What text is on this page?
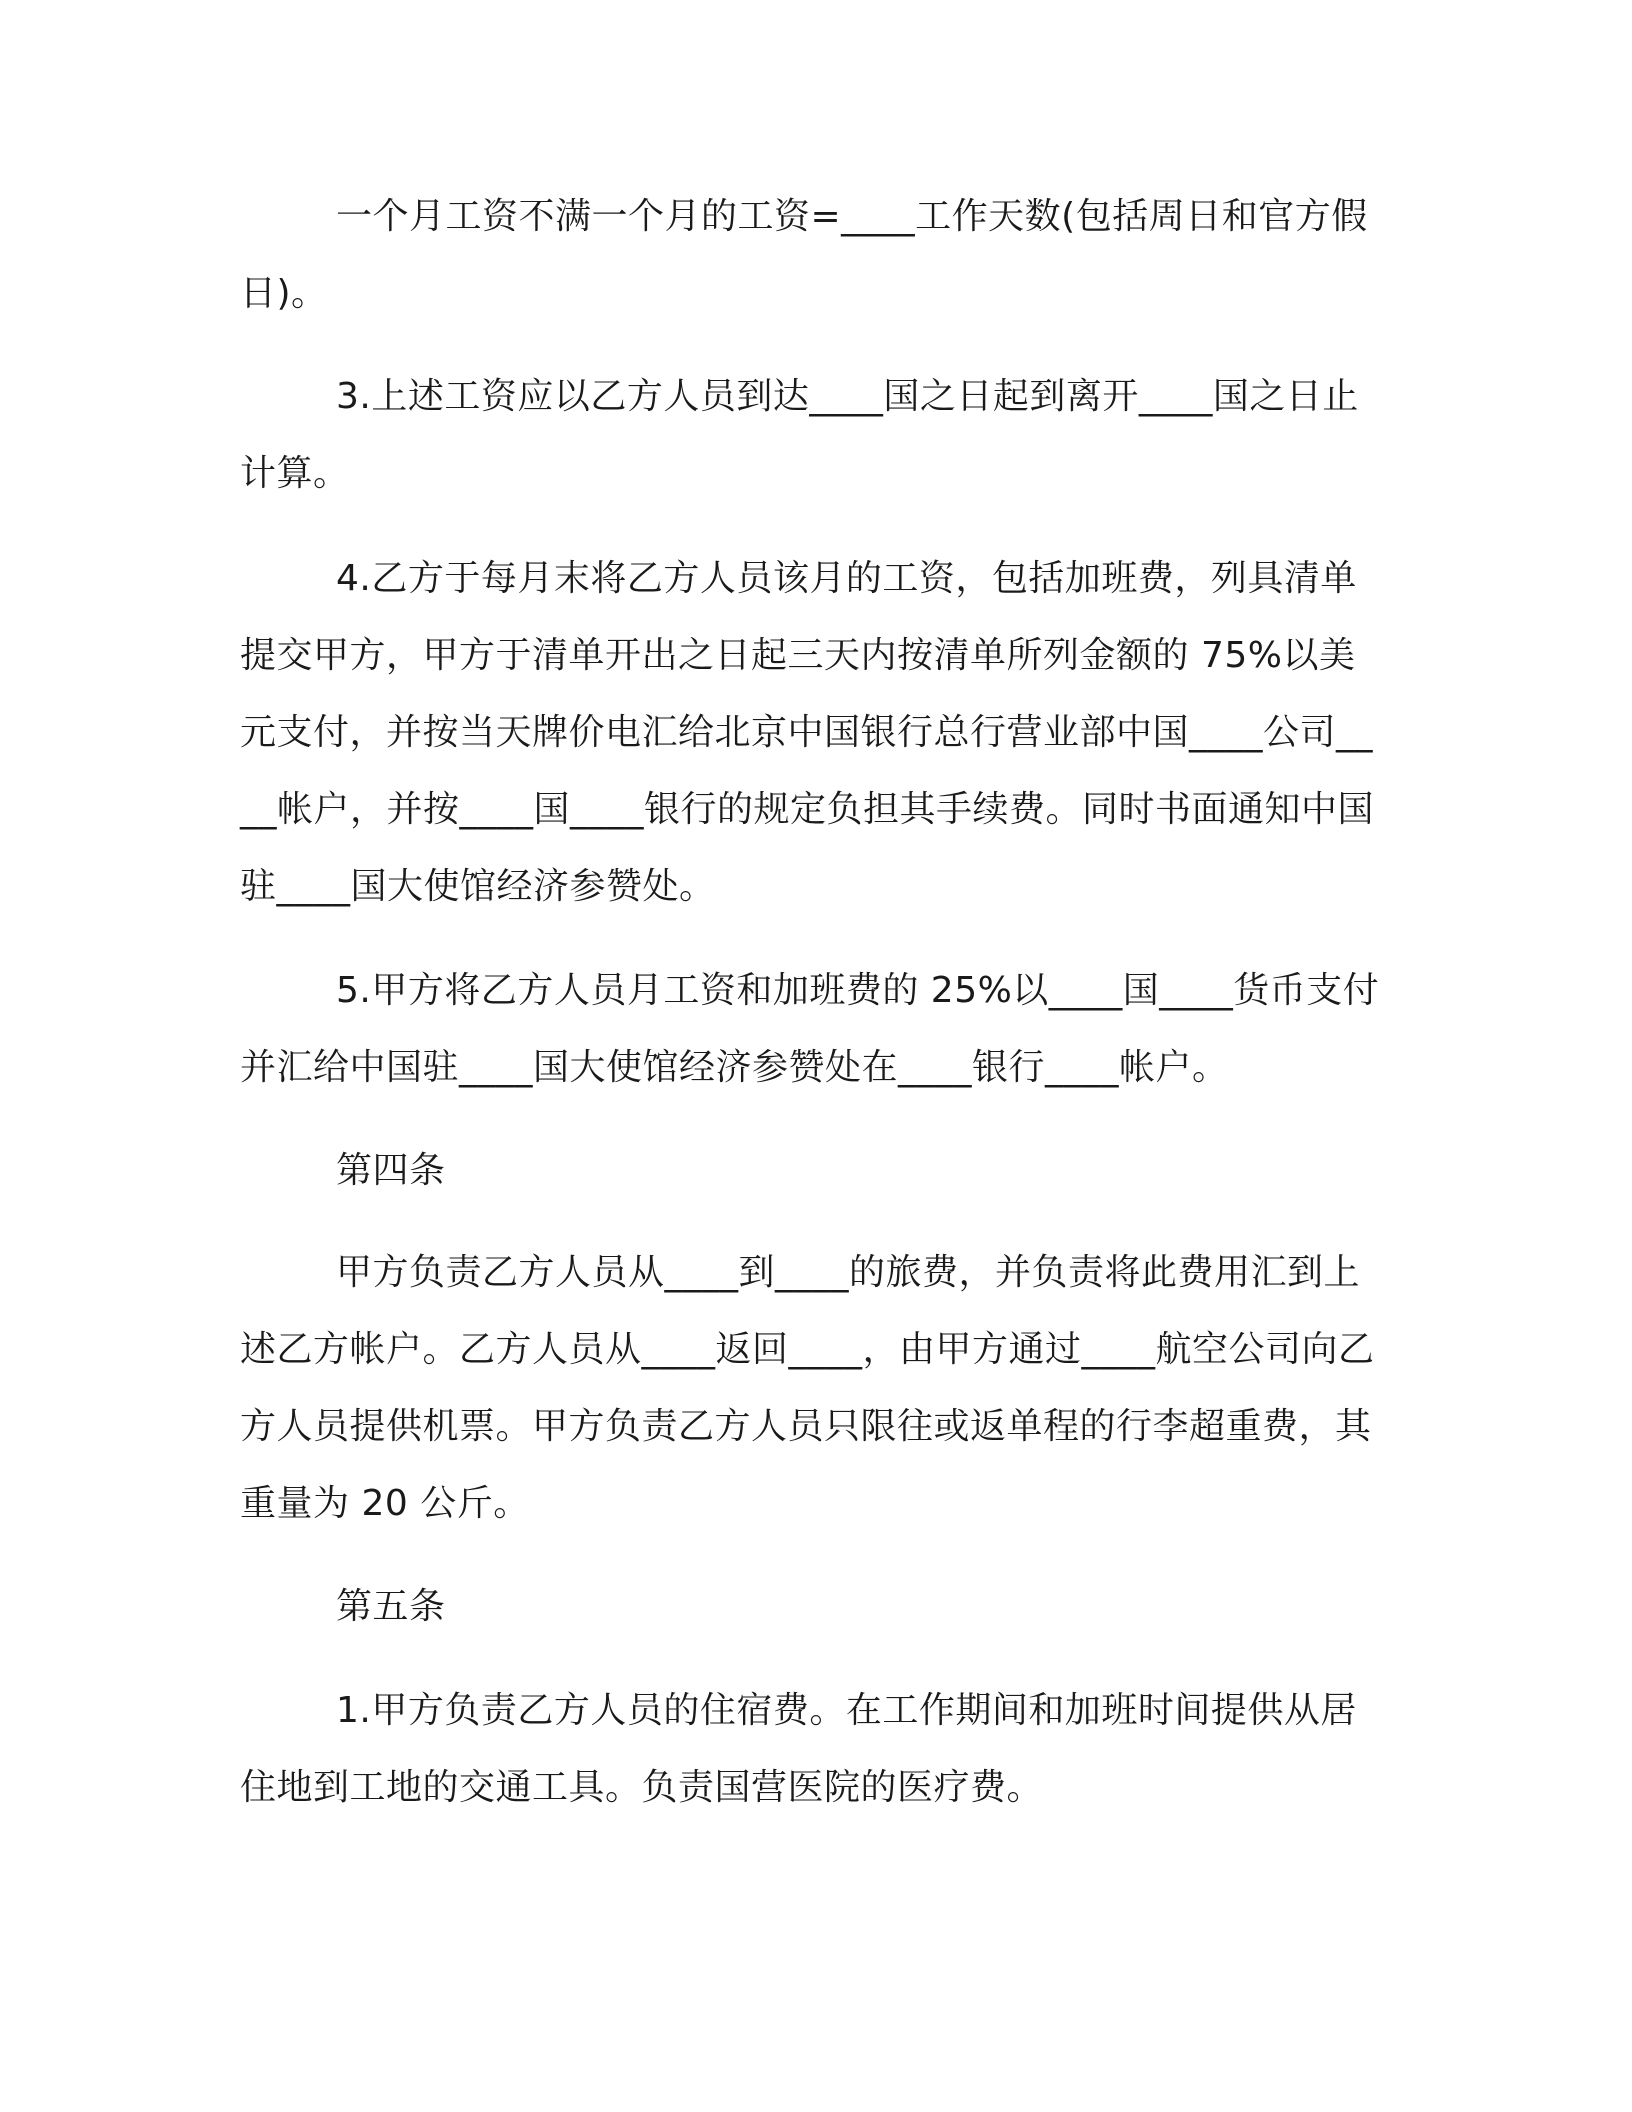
一个月工资不满一个月的工资=____工作天数(包括周日和官方假日)。

3.上述工资应以乙方人员到达____国之日起到离开____国之日止计算。

4.乙方于每月末将乙方人员该月的工资，包括加班费，列具清单提交甲方，甲方于清单开出之日起三天内按清单所列金额的 75%以美元支付，并按当天牌价电汇给北京中国银行总行营业部中国____公司____帐户，并按____国____银行的规定负担其手续费。同时书面通知中国驻____国大使馆经济参赞处。

5.甲方将乙方人员月工资和加班费的 25%以____国____货币支付并汇给中国驻____国大使馆经济参赞处在____银行____帐户。

第四条

甲方负责乙方人员从____到____的旅费，并负责将此费用汇到上述乙方帐户。乙方人员从____返回____，由甲方通过____航空公司向乙方人员提供机票。甲方负责乙方人员只限往或返单程的行李超重费，其重量为 20 公斤。

第五条

1.甲方负责乙方人员的住宿费。在工作期间和加班时间提供从居住地到工地的交通工具。负责国营医院的医疗费。
